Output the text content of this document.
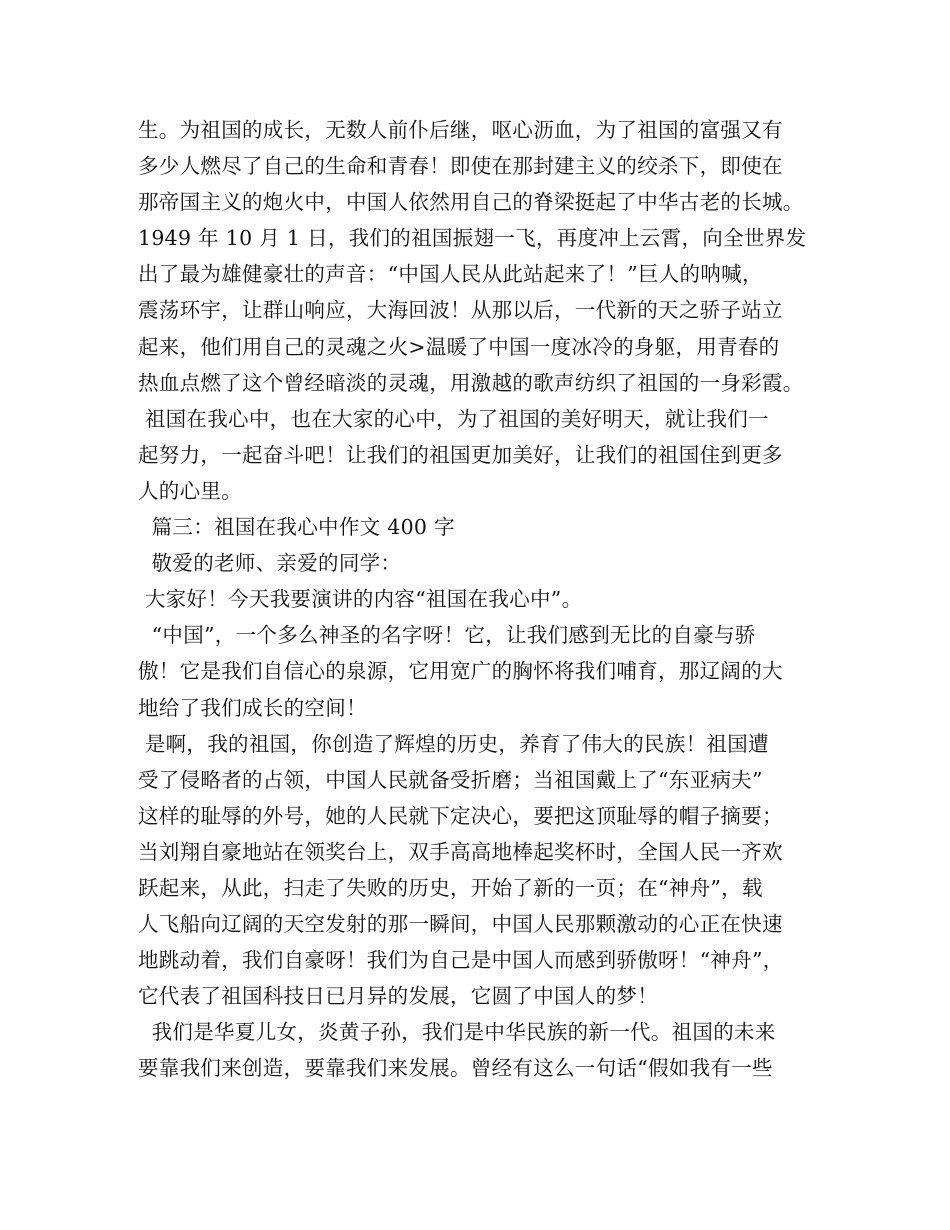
生。为祖国的成长，无数人前仆后继，呕心沥血，为了祖国的富强又有
多少人燃尽了自己的生命和青春！即使在那封建主义的绞杀下，即使在
那帝国主义的炮火中，中国人依然用自己的脊梁挺起了中华古老的长城。
1949 年 10 月 1 日，我们的祖国振翅一飞，再度冲上云霄，向全世界发
出了最为雄健豪壮的声音：“中国人民从此站起来了！”巨人的呐喊，
震荡环宇，让群山响应，大海回波！从那以后，一代新的天之骄子站立
起来，他们用自己的灵魂之火>温暖了中国一度冰冷的身躯，用青春的
热血点燃了这个曾经暗淡的灵魂，用激越的歌声纺织了祖国的一身彩霞。
祖国在我心中，也在大家的心中，为了祖国的美好明天，就让我们一
起努力，一起奋斗吧！让我们的祖国更加美好，让我们的祖国住到更多
人的心里。
篇三：祖国在我心中作文 400 字
敬爱的老师、亲爱的同学：
大家好！今天我要演讲的内容“祖国在我心中”。
“中国”，一个多么神圣的名字呀！它，让我们感到无比的自豪与骄
傲！它是我们自信心的泉源，它用宽广的胸怀将我们哺育，那辽阔的大
地给了我们成长的空间！
是啊，我的祖国，你创造了辉煌的历史，养育了伟大的民族！祖国遭
受了侵略者的占领，中国人民就备受折磨；当祖国戴上了“东亚病夫”
这样的耻辱的外号，她的人民就下定决心，要把这顶耻辱的帽子摘要；
当刘翔自豪地站在领奖台上，双手高高地棒起奖杯时，全国人民一齐欢
跃起来，从此，扫走了失败的历史，开始了新的一页；在“神舟”，载
人飞船向辽阔的天空发射的那一瞬间，中国人民那颗激动的心正在快速
地跳动着，我们自豪呀！我们为自己是中国人而感到骄傲呀！“神舟”，
它代表了祖国科技日已月异的发展，它圆了中国人的梦！
我们是华夏儿女，炎黄子孙，我们是中华民族的新一代。祖国的未来
要靠我们来创造，要靠我们来发展。曾经有这么一句话“假如我有一些
